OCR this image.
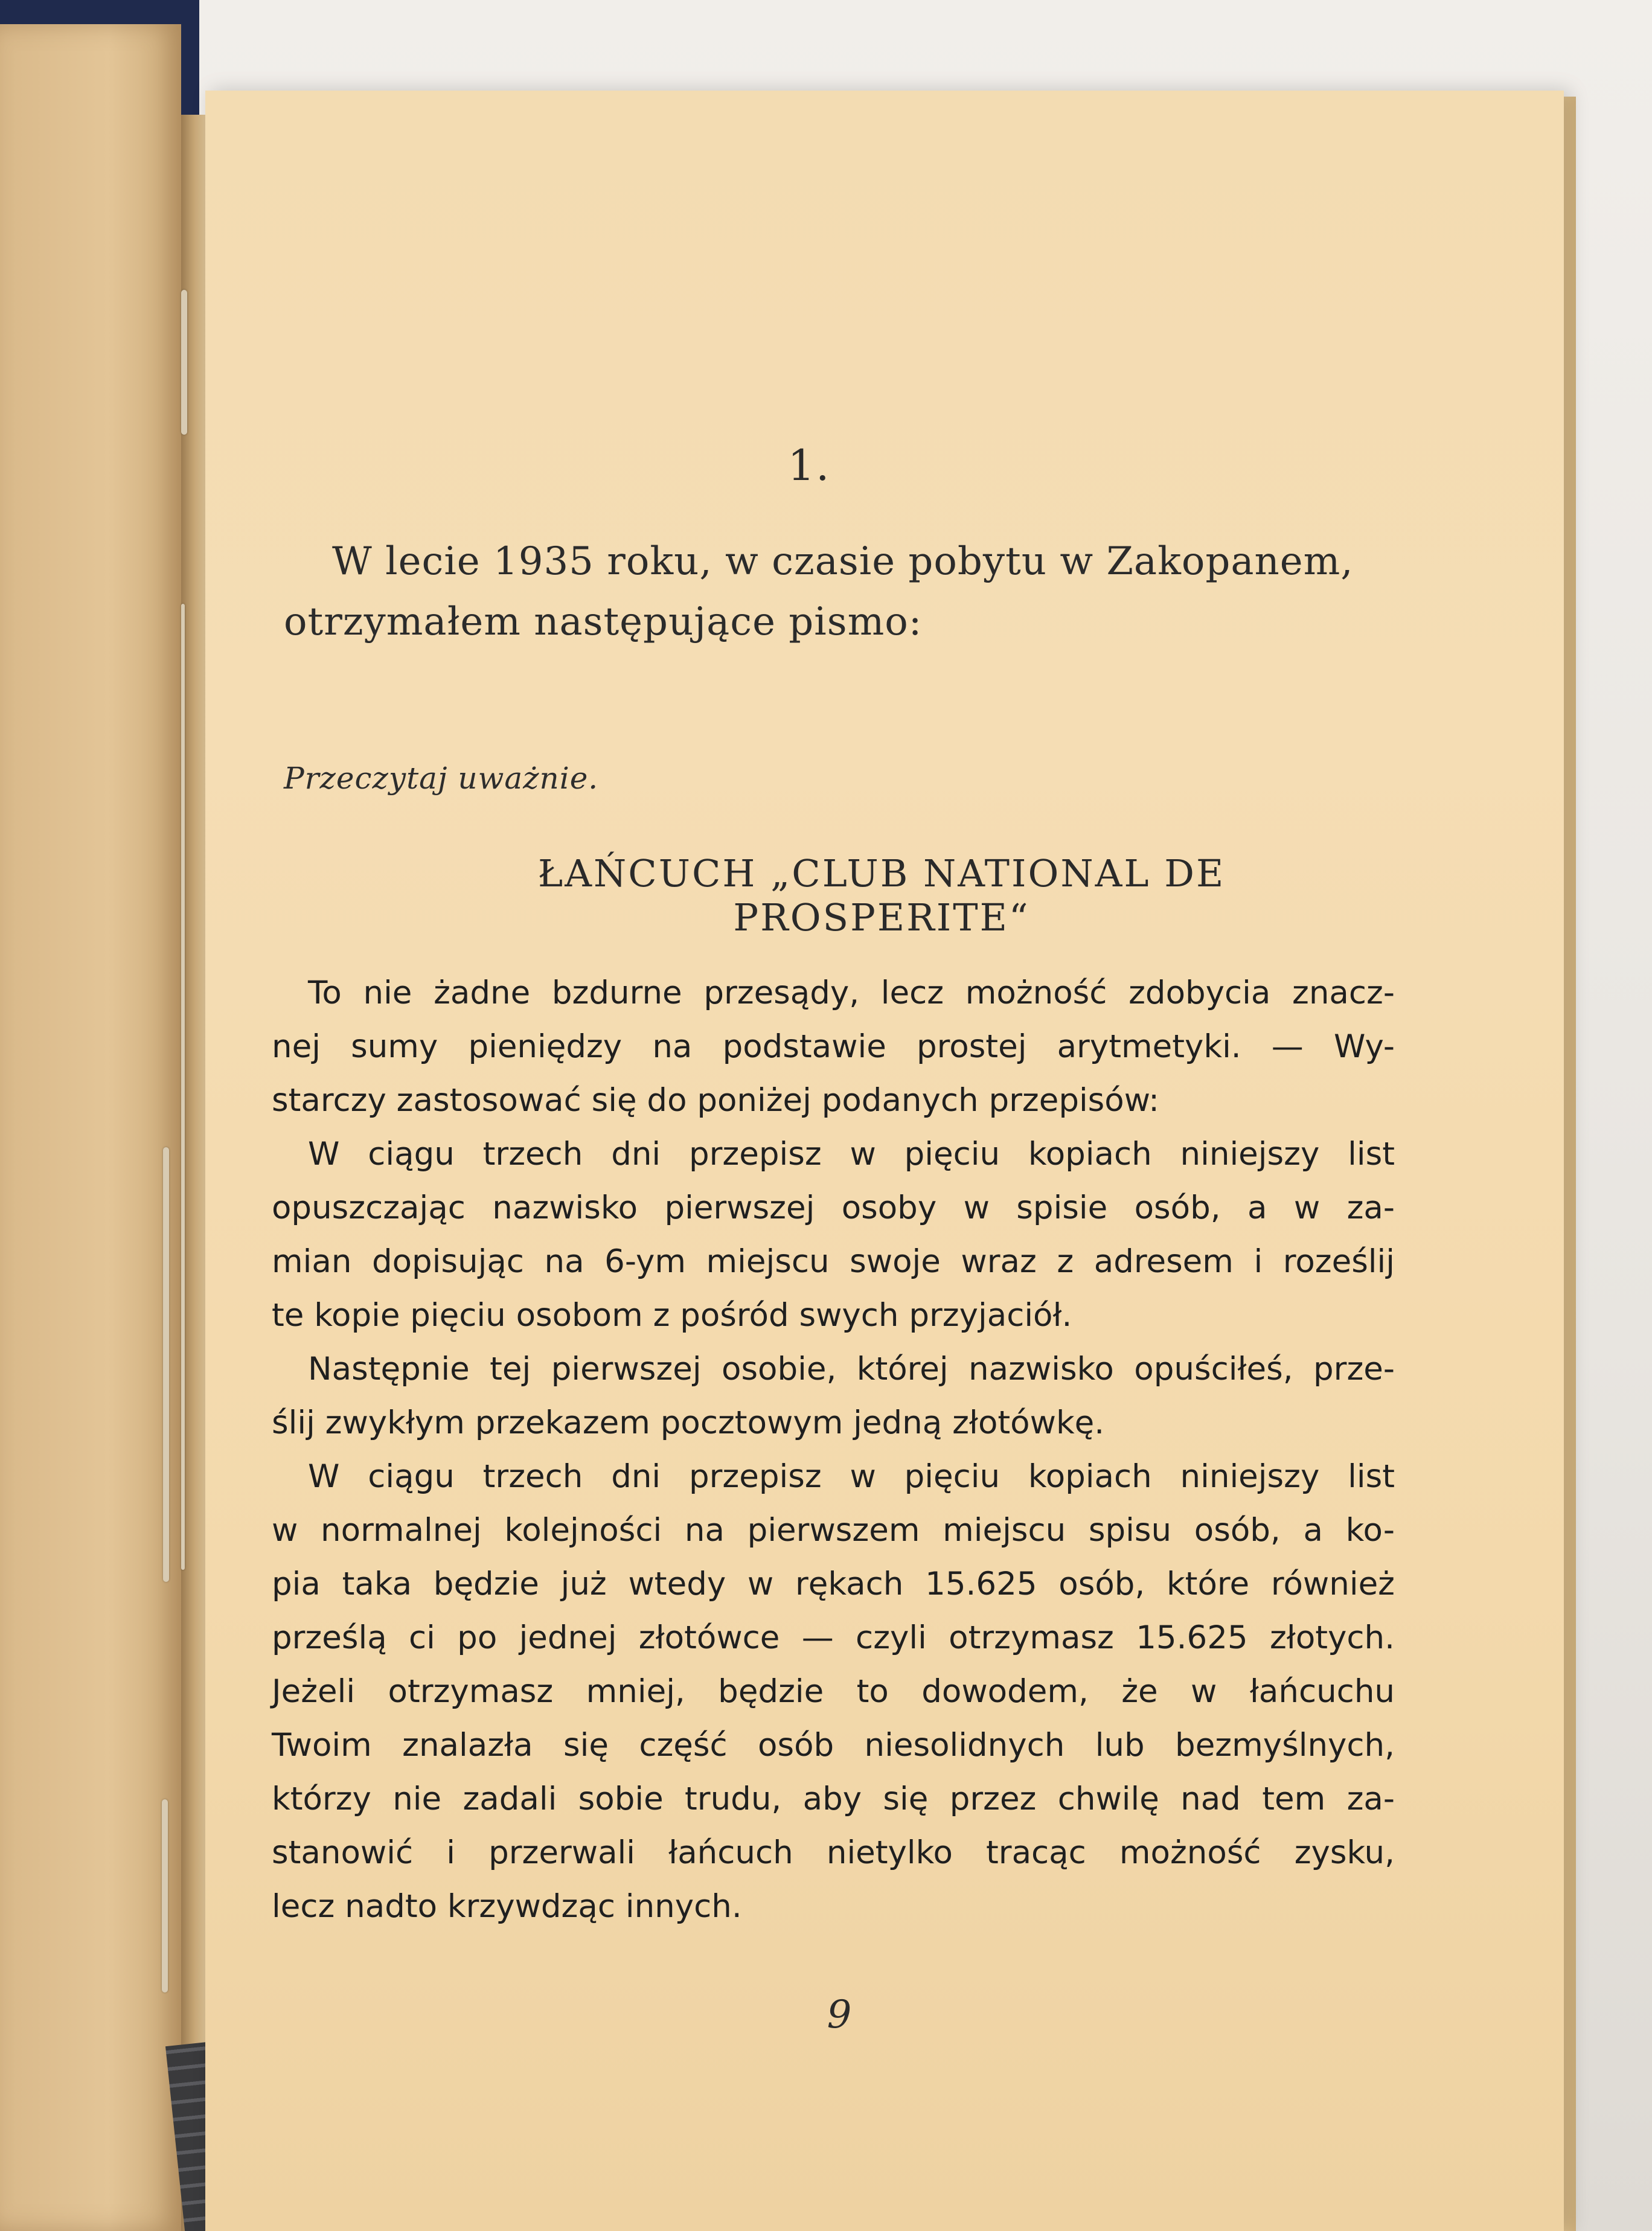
1.
W lecie 1935 roku, w czasie pobytu w Zakopanem,
otrzymałem następujące pismo:
Przeczytaj uważnie.
ŁAŃCUCH „CLUB NATIONAL DE PROSPERITE“
To nie żadne bzdurne przesądy, lecz możność zdobycia znacz-
nej sumy pieniędzy na podstawie prostej arytmetyki. — Wy-
starczy zastosować się do poniżej podanych przepisów:
W ciągu trzech dni przepisz w pięciu kopiach niniejszy list
opuszczając nazwisko pierwszej osoby w spisie osób, a w za-
mian dopisując na 6-ym miejscu swoje wraz z adresem i roześlij
te kopie pięciu osobom z pośród swych przyjaciół.
Następnie tej pierwszej osobie, której nazwisko opuściłeś, prze-
ślij zwykłym przekazem pocztowym jedną złotówkę.
W ciągu trzech dni przepisz w pięciu kopiach niniejszy list
w normalnej kolejności na pierwszem miejscu spisu osób, a ko-
pia taka będzie już wtedy w rękach 15.625 osób, które również
prześlą ci po jednej złotówce — czyli otrzymasz 15.625 złotych.
Jeżeli otrzymasz mniej, będzie to dowodem, że w łańcuchu
Twoim znalazła się część osób niesolidnych lub bezmyślnych,
którzy nie zadali sobie trudu, aby się przez chwilę nad tem za-
stanowić i przerwali łańcuch nietylko tracąc możność zysku,
lecz nadto krzywdząc innych.
9
